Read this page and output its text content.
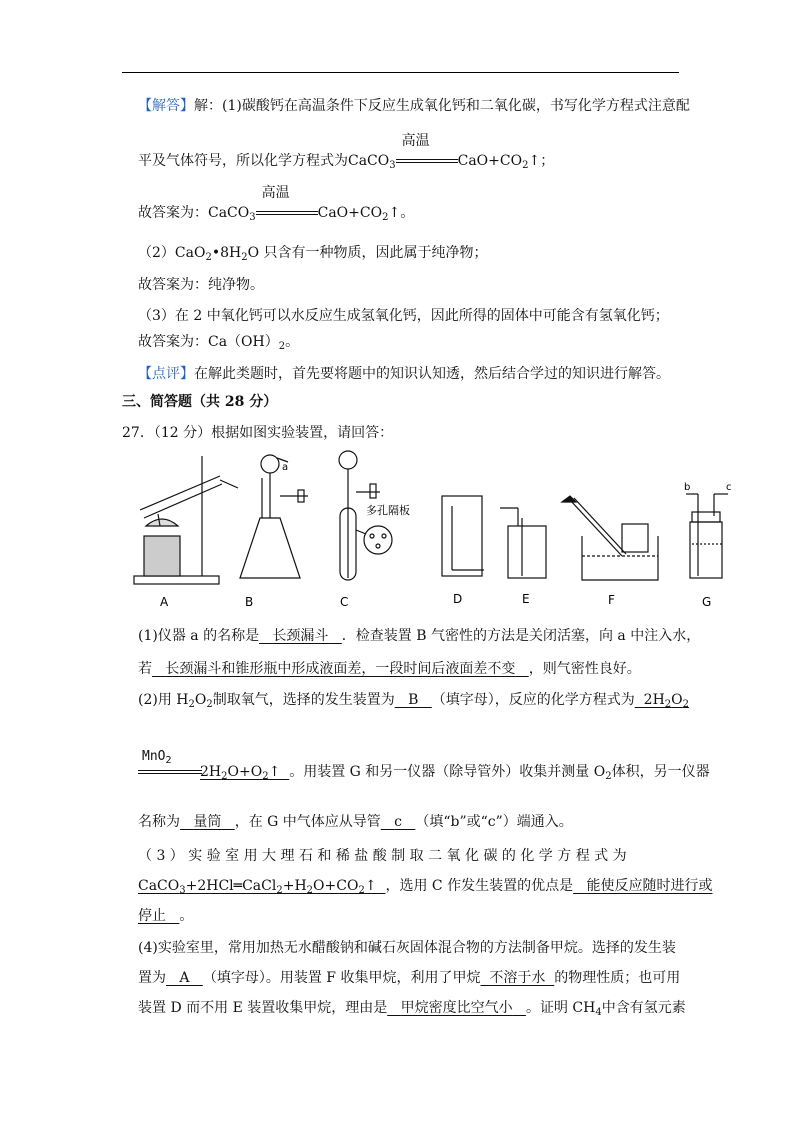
【解答】解：(1)碳酸钙在高温条件下反应生成氧化钙和二氧化碳，书写化学方程式注意配
平及气体符号，所以化学方程式为CaCO$_3$
高温
$CaO+CO_2↑$；
故答案为：CaCO$_3$
高温
$CaO+CO_2↑$。
$(2)CaO_2•8H_2O$ 只含有一种物质，因此属于纯净物；
故答案为：纯净物。
（3）在 2 中氧化钙可以水反应生成氢氧化钙，因此所得的固体中可能含有氢氧化钙；
故答案为：$Ca(OH)_2$。
【点评】在解此类题时，首先要将题中的知识认知透，然后结合学过的知识进行解答。
三、简答题（共 28 分）
27．（12 分）根据如图实验装置，请回答：
a
b	c
多孔隔板
A	B	C	D	E	F	G
(1)仪器 a 的名称是 长颈漏斗 ．检查装置 B 气密性的方法是关闭活塞，向 a 中注入水，
若 长颈漏斗和锥形瓶中形成液面差，一段时间后液面差不变 ，则气密性良好。
(2)用 $H_2O_2$制取氧气，选择的发生装置为 B （填字母），反应的化学方程式为 $2H_2O_2$
MnO$_2$
$2H_2O+O_2↑$  。用装置 G 和另一仪器（除导管外）收集并测量 $O_2$体积，另一仪器
名称为 量筒 ，在 G 中气体应从导管 c （填“b”或“c”）端通入。
（ 3 ） 实 验 室 用 大 理 石 和 稀 盐 酸 制 取 二 氧 化 碳 的 化 学 方 程 式 为
$CaCO_3+2HCl═CaCl_2+H_2O+CO_2↑$  ，选用 C 作发生装置的优点是 能使反应随时进行或
停止 。
(4)实验室里，常用加热无水醋酸钠和碱石灰固体混合物的方法制备甲烷。选择的发生装
置为 A （填字母）。用装置 F 收集甲烷，利用了甲烷 不溶于水 的物理性质；也可用
装置 D 而不用 E 装置收集甲烷，理由是 甲烷密度比空气小 。证明 $CH_4$中含有氢元素
